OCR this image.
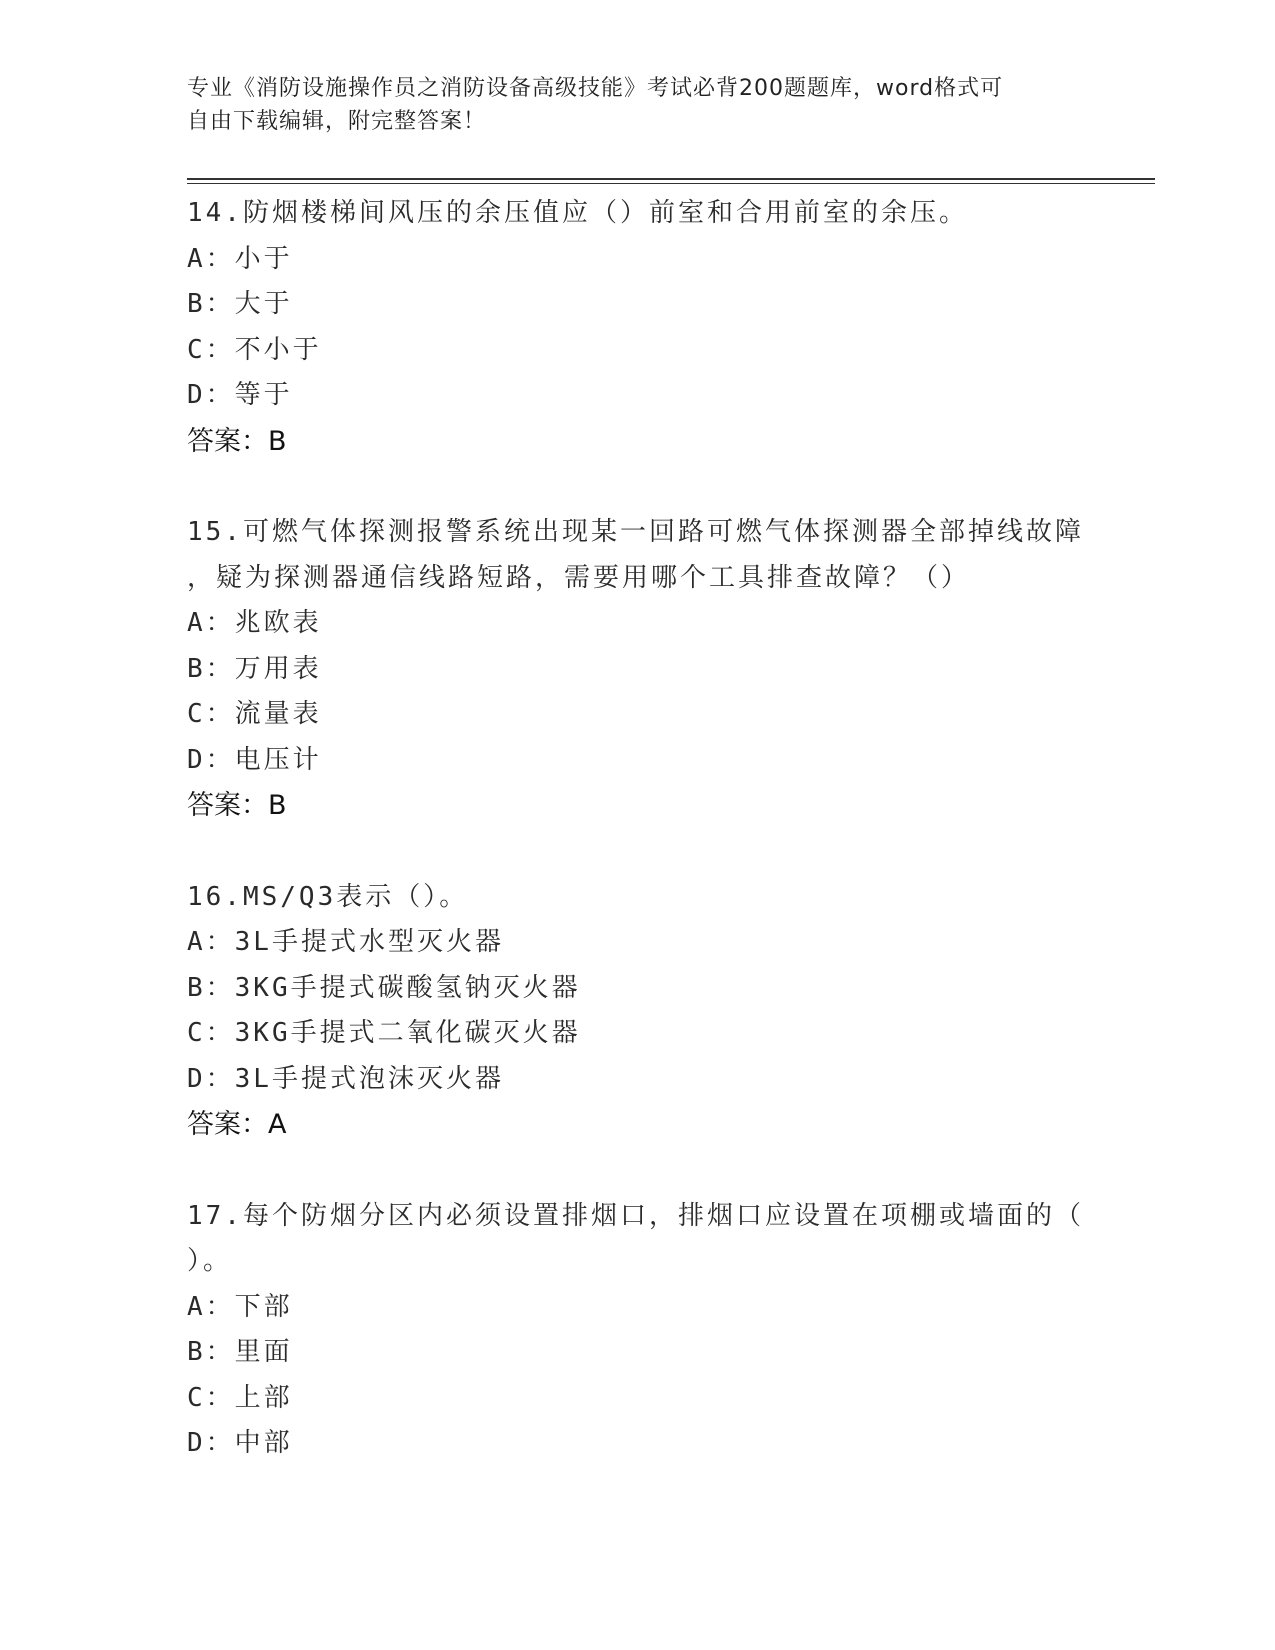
专业《消防设施操作员之消防设备高级技能》考试必背200题题库，word格式可
自由下载编辑，附完整答案！
14.防烟楼梯间风压的余压值应（）前室和合用前室的余压。
A：小于
B：大于
C：不小于
D：等于
答案：B
15.可燃气体探测报警系统出现某一回路可燃气体探测器全部掉线故障
，疑为探测器通信线路短路，需要用哪个工具排查故障？（）
A：兆欧表
B：万用表
C：流量表
D：电压计
答案：B
16.MS/Q3表示（）。
A：3L手提式水型灭火器
B：3KG手提式碳酸氢钠灭火器
C：3KG手提式二氧化碳灭火器
D：3L手提式泡沫灭火器
答案：A
17.每个防烟分区内必须设置排烟口，排烟口应设置在项棚或墙面的（
）。
A：下部
B：里面
C：上部
D：中部
